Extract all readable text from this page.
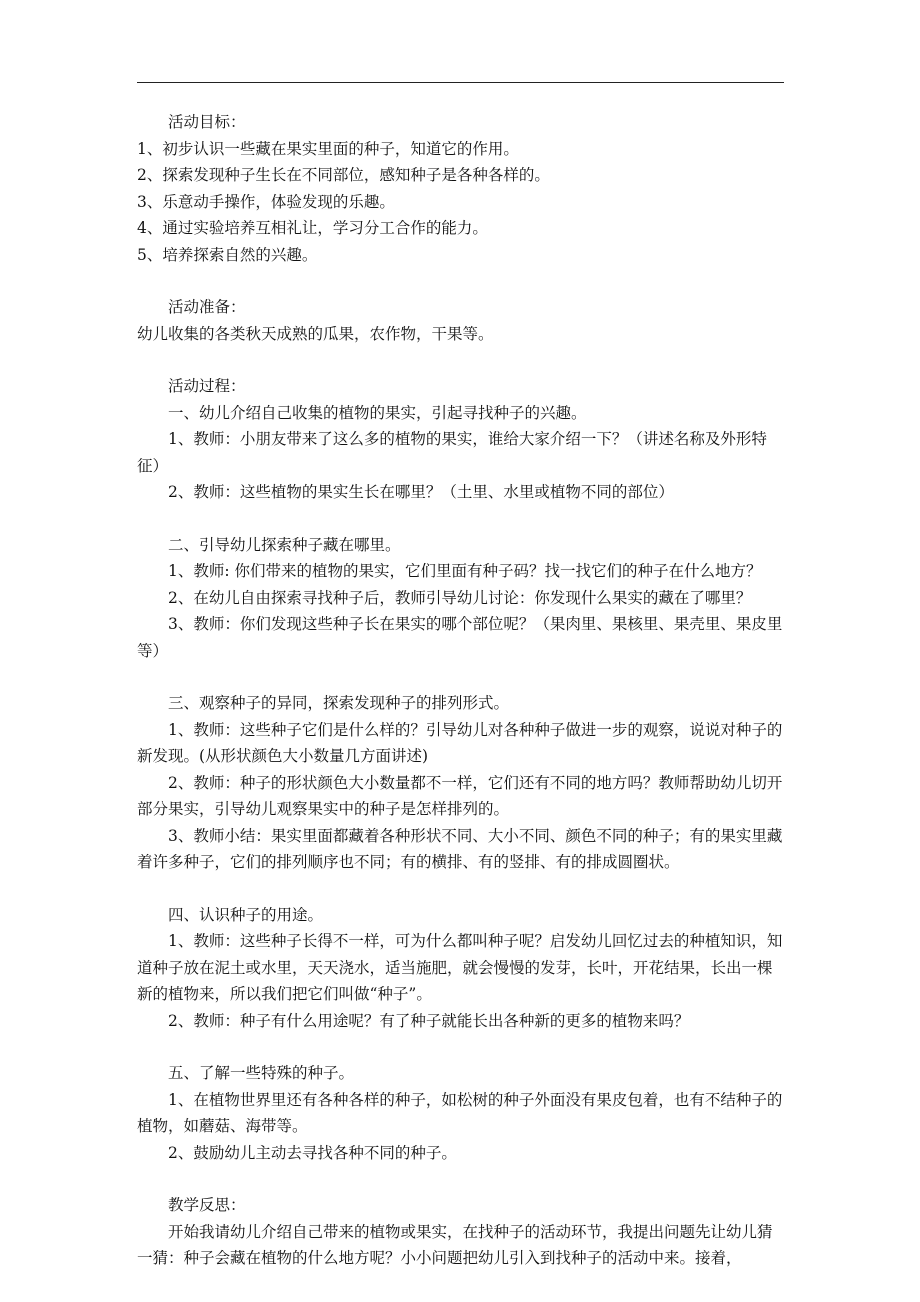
活动目标：

1、初步认识一些藏在果实里面的种子，知道它的作用。

2、探索发现种子生长在不同部位，感知种子是各种各样的。

3、乐意动手操作，体验发现的乐趣。

4、通过实验培养互相礼让，学习分工合作的能力。

5、培养探索自然的兴趣。

活动准备：

幼儿收集的各类秋天成熟的瓜果，农作物，干果等。

活动过程：

一、幼儿介绍自己收集的植物的果实，引起寻找种子的兴趣。

1、教师：小朋友带来了这么多的植物的果实，谁给大家介绍一下？（讲述名称及外形特征）

2、教师：这些植物的果实生长在哪里？（土里、水里或植物不同的部位）

二、引导幼儿探索种子藏在哪里。

1、教师: 你们带来的植物的果实，它们里面有种子码？找一找它们的种子在什么地方？

2、在幼儿自由探索寻找种子后，教师引导幼儿讨论：你发现什么果实的藏在了哪里？

3、教师：你们发现这些种子长在果实的哪个部位呢？（果肉里、果核里、果壳里、果皮里等）

三、观察种子的异同，探索发现种子的排列形式。

1、教师：这些种子它们是什么样的？引导幼儿对各种种子做进一步的观察，说说对种子的新发现。(从形状颜色大小数量几方面讲述)

2、教师：种子的形状颜色大小数量都不一样，它们还有不同的地方吗？教师帮助幼儿切开部分果实，引导幼儿观察果实中的种子是怎样排列的。

3、教师小结：果实里面都藏着各种形状不同、大小不同、颜色不同的种子；有的果实里藏着许多种子，它们的排列顺序也不同；有的横排、有的竖排、有的排成圆圈状。

四、认识种子的用途。

1、教师：这些种子长得不一样，可为什么都叫种子呢？启发幼儿回忆过去的种植知识，知道种子放在泥土或水里，天天浇水，适当施肥，就会慢慢的发芽，长叶，开花结果，长出一棵新的植物来，所以我们把它们叫做“种子”。

2、教师：种子有什么用途呢？有了种子就能长出各种新的更多的植物来吗？

五、了解一些特殊的种子。

1、在植物世界里还有各种各样的种子，如松树的种子外面没有果皮包着，也有不结种子的植物，如蘑菇、海带等。

2、鼓励幼儿主动去寻找各种不同的种子。

教学反思：

开始我请幼儿介绍自己带来的植物或果实，在找种子的活动环节，我提出问题先让幼儿猜一猜：种子会藏在植物的什么地方呢？小小问题把幼儿引入到找种子的活动中来。接着，
